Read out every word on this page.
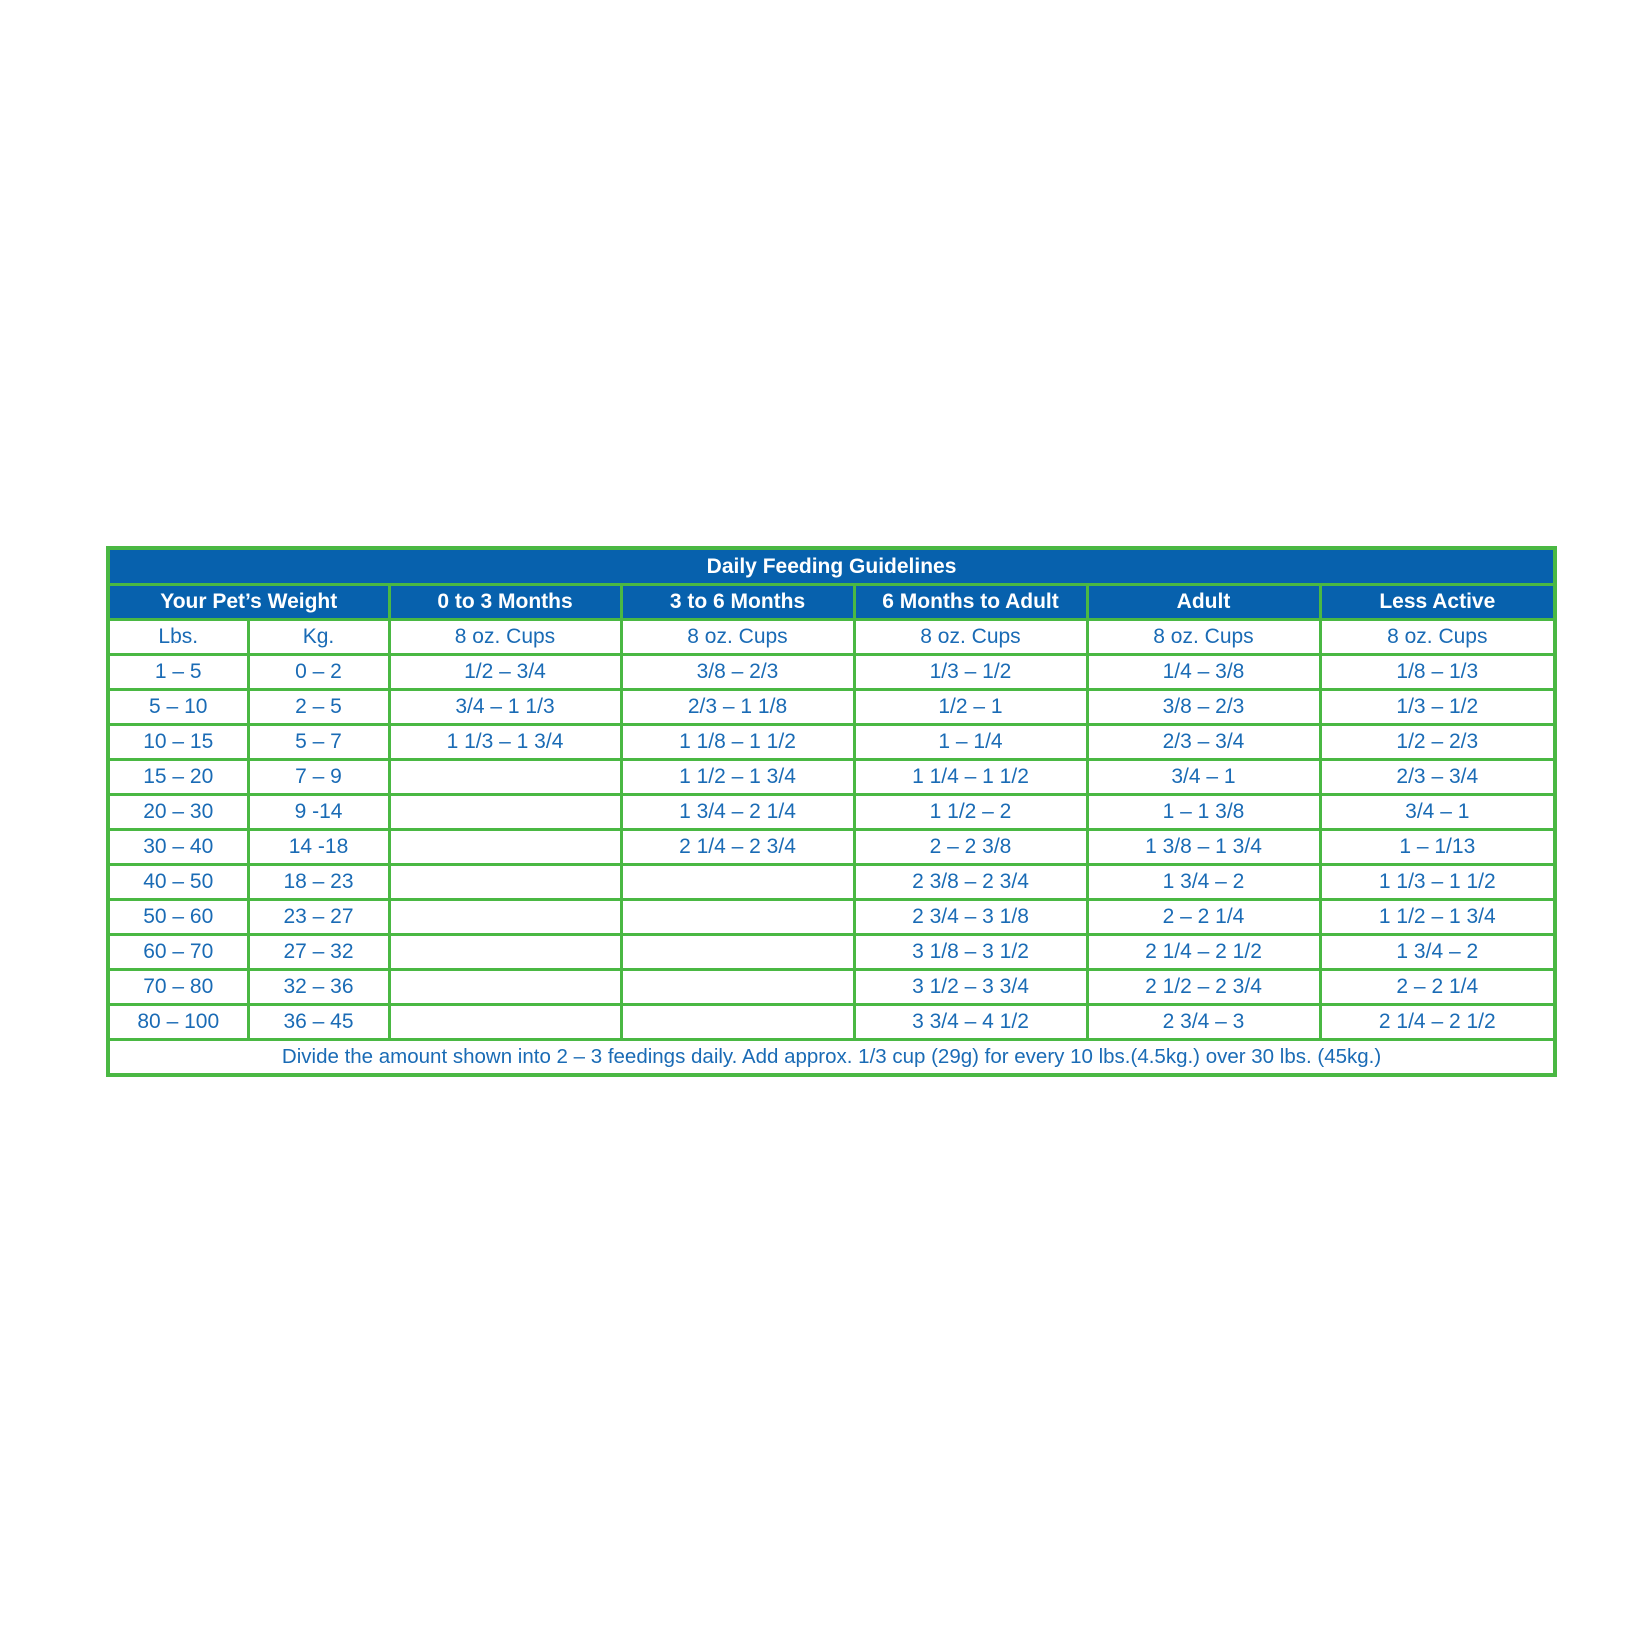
Daily Feeding Guidelines						
Your Pet’s Weight		0 to 3 Months	3 to 6 Months	6 Months to Adult	Adult	Less Active
Lbs.	Kg.	8 oz. Cups	8 oz. Cups	8 oz. Cups	8 oz. Cups	8 oz. Cups
1 – 5	0 – 2	1/2 – 3/4	3/8 – 2/3	1/3 – 1/2	1/4 – 3/8	1/8 – 1/3
5 – 10	2 – 5	3/4 – 1 1/3	2/3 – 1 1/8	1/2 – 1	3/8 – 2/3	1/3 – 1/2
10 – 15	5 – 7	1 1/3 – 1 3/4	1 1/8 – 1 1/2	1 – 1/4	2/3 – 3/4	1/2 – 2/3
15 – 20	7 – 9		1 1/2 – 1 3/4	1 1/4 – 1 1/2	3/4 – 1	2/3 – 3/4
20 – 30	9 -14		1 3/4 – 2 1/4	1 1/2 – 2	1 – 1 3/8	3/4 – 1
30 – 40	14 -18		2 1/4 – 2 3/4	2 – 2 3/8	1 3/8 – 1 3/4	1 – 1/13
40 – 50	18 – 23			2 3/8 – 2 3/4	1 3/4 – 2	1 1/3 – 1 1/2
50 – 60	23 – 27			2 3/4 – 3 1/8	2 – 2 1/4	1 1/2 – 1 3/4
60 – 70	27 – 32			3 1/8 – 3 1/2	2 1/4 – 2 1/2	1 3/4 – 2
70 – 80	32 – 36			3 1/2 – 3 3/4	2 1/2 – 2 3/4	2 – 2 1/4
80 – 100	36 – 45			3 3/4 – 4 1/2	2 3/4 – 3	2 1/4 – 2 1/2
Divide the amount shown into 2 – 3 feedings daily. Add approx. 1/3 cup (29g) for every 10 lbs.(4.5kg.) over 30 lbs. (45kg.)						
